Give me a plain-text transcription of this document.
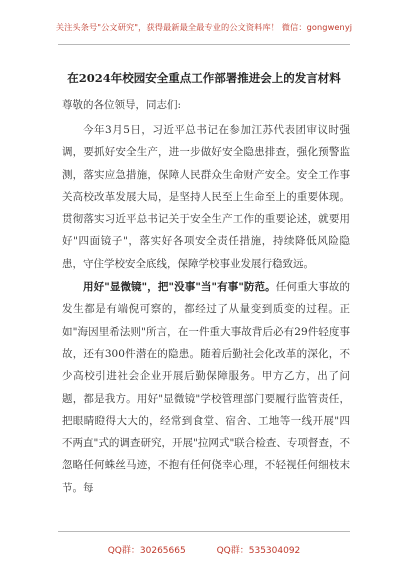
关注头条号"公文研究"，获得最新最全最专业的公文资料库！ 微信：gongwenyj
在2024年校园安全重点工作部署推进会上的发言材料
尊敬的各位领导，同志们:

今年3月5日，习近平总书记在参加江苏代表团审议时强调，要抓好安全生产，进一步做好安全隐患排查，强化预警监测，落实应急措施，保障人民群众生命财产安全。安全工作事关高校改革发展大局，是坚持人民至上生命至上的重要体现。贯彻落实习近平总书记关于安全生产工作的重要论述，就要用好"四面镜子"，落实好各项安全责任措施，持续降低风险隐患，守住学校安全底线，保障学校事业发展行稳致远。

用好"显微镜"，把"没事"当"有事"防范。任何重大事故的发生都是有端倪可察的，都经过了从量变到质变的过程。正如"海因里希法则"所言，在一件重大事故背后必有29件轻度事故，还有300件潜在的隐患。随着后勤社会化改革的深化，不少高校引进社会企业开展后勤保障服务。甲方乙方，出了问题，都是我方。用好"显微镜"学校管理部门要履行监管责任，把眼睛瞪得大大的，经常到食堂、宿舍、工地等一线开展"四不两直"式的调查研究，开展"拉网式"联合检查、专项督查，不忽略任何蛛丝马迹，不抱有任何侥幸心理，不轻视任何细枝末节。每

QQ群：30265665	QQ群：535304092
